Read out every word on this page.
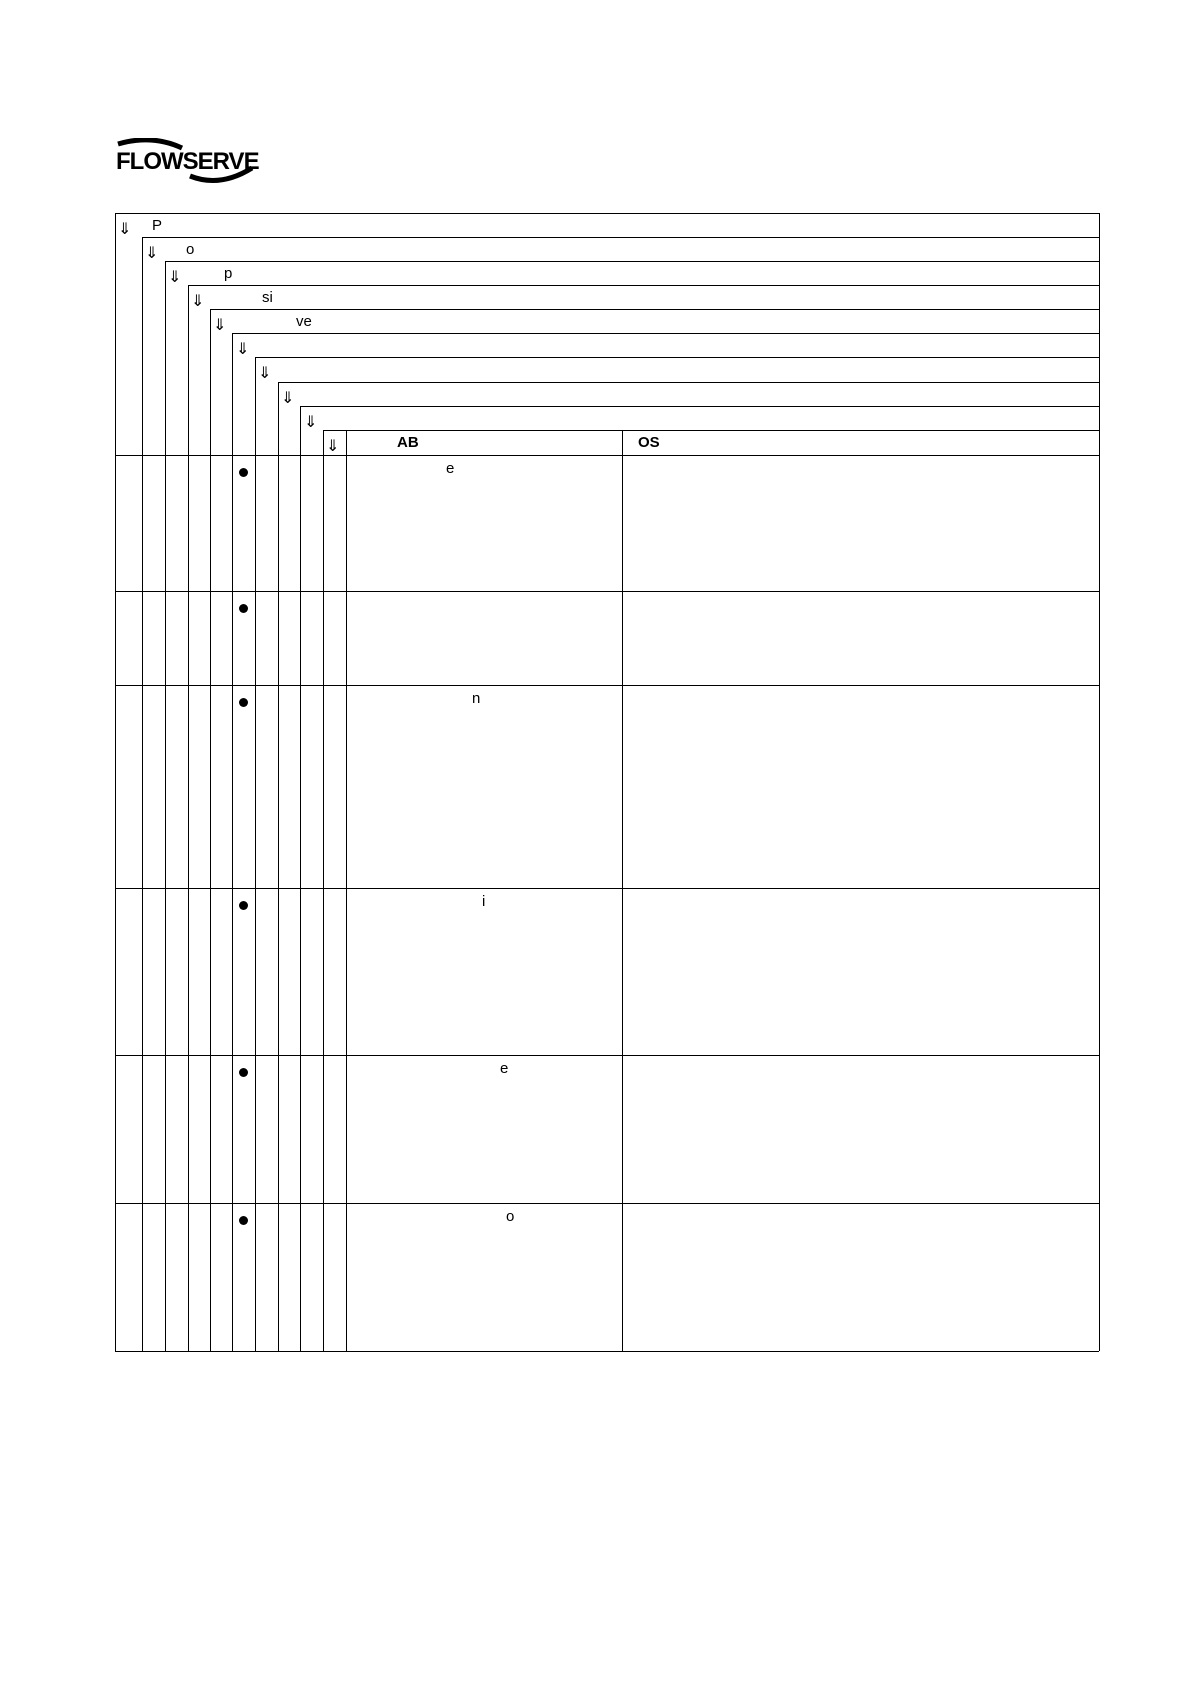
FLOWSERVE
⇓
⇓
⇓
⇓
⇓
⇓
⇓
⇓
⇓
⇓
P
o
p
si
ve
AB	OS
e
n
i
e
o
